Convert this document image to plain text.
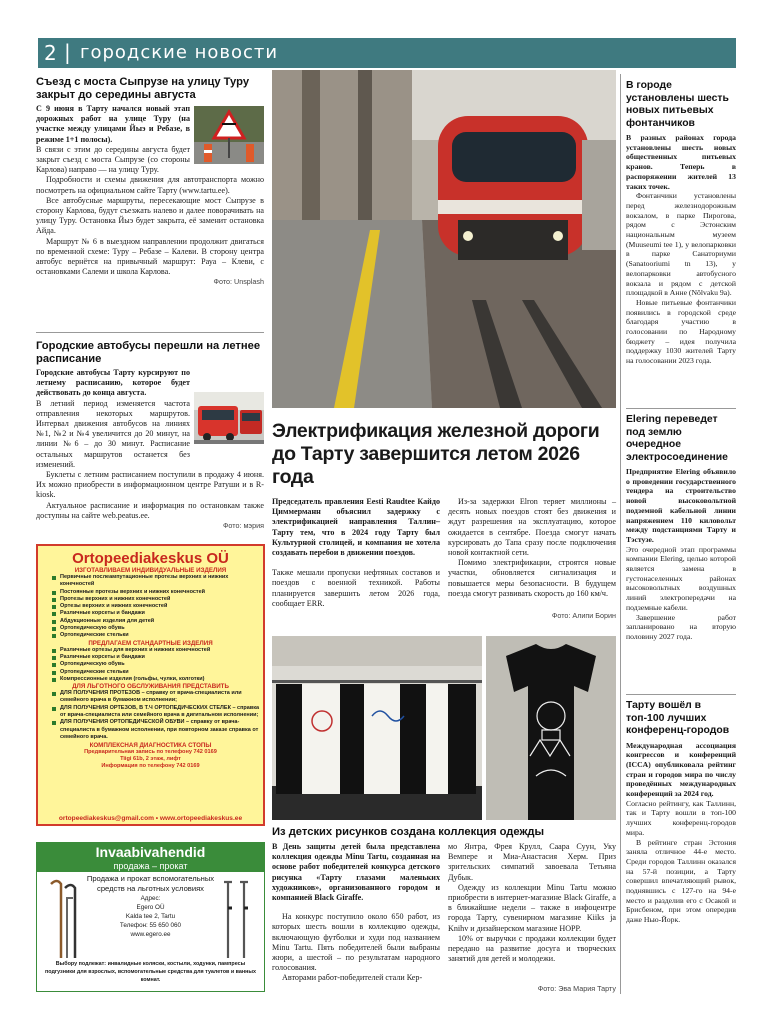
2 | городские новости
Съезд с моста Сыпрузе на улицу Туру закрыт до середины августа

С 9 июня в Тарту начался новый этап дорожных работ на улице Туру (на участке между улицами Йыэ и Ребазе, в режиме 1+1 полосы).

В связи с этим до середины августа будет закрыт съезд с моста Сыпрузе (со стороны Карлова) направо — на улицу Туру.

Подробности и схемы движения для автотранспорта можно посмотреть на официальном сайте Тарту (www.tartu.ee).

Все автобусные маршруты, пересекающие мост Сыпрузе в сторону Карлова, будут съезжать налево и далее поворачивать на улицу Туру. Остановка Йыэ будет закрыта, её заменит остановка Айда.

Маршрут № 6 в выездном направлении продолжит двигаться по временной схеме: Туру – Ребазе – Калеви. В сторону центра автобус вернётся на привычный маршрут: Рауа – Клеви, с остановками Салеми и школа Карлова.

Фото: Unsplash
Городские автобусы перешли на летнее расписание

Городские автобусы Тарту курсируют по летнему расписанию, которое будет действовать до конца августа.

В летний период изменяется частота отправления некоторых маршрутов. Интервал движения автобусов на линиях №1, №2 и №4 увеличится до 20 минут, на линии №6 – до 30 минут. Расписание остальных маршрутов останется без изменений.

Буклеты с летним расписанием поступили в продажу 4 июня. Их можно приобрести в информационном центре Ратуши и в R-kiosk.

Актуальное расписание и информация по остановкам также доступны на сайте web.peatus.ee.

Фото: мэрия
Ortopeediakeskus OÜ
ИЗГОТАВЛИВАЕМ ИНДИВИДУАЛЬНЫЕ ИЗДЕЛИЯ
Первичные послеампутационные протезы верхних и нижних конечностей
Постоянные протезы верхних и нижних конечностей
Протезы верхних и нижних конечностей
Ортезы верхних и нижних конечностей
Различные корсеты и бандажи
Абдукционные изделия для детей
Ортопедическую обувь
Ортопедические стельки
ПРЕДЛАГАЕМ СТАНДАРТНЫЕ ИЗДЕЛИЯ
Различные ортезы для верхних и нижних конечностей
Различные корсеты и бандажи
Ортопедическую обувь
Ортопедические стельки
Компрессионные изделия (гольфы, чулки, колготки)
ДЛЯ ЛЬГОТНОГО ОБСЛУЖИВАНИЯ ПРЕДСТАВИТЬ
ДЛЯ ПОЛУЧЕНИЯ ПРОТЕЗОВ – справку от врача-специалиста или семейного врача в бумажном исполнении;
ДЛЯ ПОЛУЧЕНИЯ ОРТЕЗОВ, В Т.Ч ОРТОПЕДИЧЕСКИХ СТЕЛЕК – справка от врача-специалиста или семейного врача в дигитальном исполнении;
ДЛЯ ПОЛУЧЕНИЯ ОРТОПЕДИЧЕСКОЙ ОБУВИ – справку от врача-специалиста в бумажном исполнении, при повторном заказе справка от семейного врача.
КОМПЛЕКСНАЯ ДИАГНОСТИКА СТОПЫ
Предварительная запись по телефону 742 0169
Tiigi 61b, 2 этаж, лифт
Информация по телефону 742 0169
ortopeediakeskus@gmail.com • www.ortopeediakeskus.ee
Invaabivahendid
продажа – прокат
Продажа и прокат вспомогательных
средств на льготных условиях
Адрес:
Egero OÜ
Kalda tee 2, Tartu
Телефон: 55 650 060
www.egero.ee
Выбору подлежат: инвалидные коляски, костыли, ходунки, пампресы подгузники для взрослых, вспомогательные средства для туалетов и ванных комнат.
Электрификация железной дороги до Тарту завершится летом 2026 года

Председатель правления Eesti Raudtee Кайдо Циммерманн объяснил задержку с электрификацией направления Таллин–Тарту тем, что в 2024 году Тарту был Культурной столицей, и компания не хотела создавать перебои в движении поездов.

Также мешали пропуски нефтяных составов и поездов с военной техникой. Работы планируется завершить летом 2026 года, сообщает ERR.

Из-за задержки Elron теряет миллионы – десять новых поездов стоят без движения и ждут разрешения на эксплуатацию, которое ожидается в сентябре. Поезда смогут начать курсировать до Тапа сразу после подключения новой контактной сети.

Помимо электрификации, строятся новые участки, обновляется сигнализация и повышается меры безопасности. В будущем поезда смогут развивать скорость до 160 км/ч.

Фото: Алипи Борин
Из детских рисунков создана коллекция одежды

В День защиты детей была представлена коллекция одежды Minu Tartu, созданная на основе работ победителей конкурса детского рисунка «Тарту глазами маленьких художников», организованного городом и компанией Black Giraffe.

На конкурс поступило около 650 работ, из которых шесть вошли в коллекцию одежды, включающую футболки и худи под названием Minu Tartu. Пять победителей были выбраны жюри, а шестой – по результатам народного голосования.

Авторами работ-победителей стали Кер-

мо Янтра, Фрея Крулл, Саара Суун, Уку Вемпере и Миа-Анастасия Херм. Приз зрительских симпатий завоевала Тетьяна Дубык.

Одежду из коллекции Minu Tartu можно приобрести в интернет-магазине Black Giraffe, а в ближайшие недели – также в инфоцентре города Тарту, сувенирном магазине Kiiks ja Knihv и дизайнерском магазине HOPP.

10% от выручки с продажи коллекции будет передано на развитие досуга и творческих занятий для детей и молодежи.

Фото: Эва Мария Тарту
В городе установлены шесть новых питьевых фонтанчиков

В разных районах города установлены шесть новых общественных питьевых кранов. Теперь в распоряжении жителей 13 таких точек.

Фонтанчики установлены перед железнодорожным вокзалом, в парке Пирогова, рядом с Эстонским национальным музеем (Muuseumi tee 1), у велопарковки в парке Санаториуми (Sanatooriumi tn 13), у велопарковки автобусного вокзала и рядом с детской площадкой в Анне (Nõlvaku 9a).

Новые питьевые фонтанчики появились в городской среде благодаря участию в голосовании по Народному бюджету – идея получила поддержку 1030 жителей Тарту на голосовании 2023 года.

Elering переведет под землю очередное электросоединение

Предприятие Elering объявило о проведении государственного тендера на строительство новой высоковольтной подземной кабельной линии напряжением 110 киловольт между подстанциями Тарту и Тэстузе.

Это очередной этап программы компании Elering, целью которой является замена в густонаселенных районах высоковольтных воздушных линий электропередачи на подземные кабели.

Завершение работ запланировано на вторую половину 2027 года.

Тарту вошёл в топ-100 лучших конференц-городов

Международная ассоциация конгрессов и конференций (ICCA) опубликовала рейтинг стран и городов мира по числу проведённых международных конференций за 2024 год.

Согласно рейтингу, как Таллинн, так и Тарту вошли в топ-100 лучших конференц-городов мира.

В рейтинге стран Эстония заняла отличное 44-е место. Среди городов Таллинн оказался на 57-й позиции, а Тарту совершил впечатляющий рывок, поднявшись с 127-го на 94-е место и разделив его с Осакой и Брисбеном, при этом опередив даже Нью-Йорк.
